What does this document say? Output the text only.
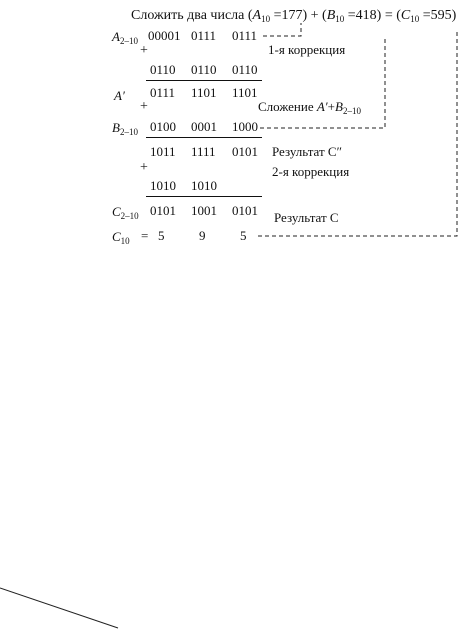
Сложить два числа $(A_{10} =177) + (B_{10} =418) = (C_{10} =595)$
$A_{2-10}$ 00001 0111 0111
+	1-я коррекция
0110 0110 0110
A′ 0111 1101 1101
+	Сложение $A'+B_{2-10}$
$B_{2-10}$ 0100 0001 1000
1011 1111 0101 Результат C″
+	2-я коррекция
1010 1010
$C_{2-10}$ 0101 1001 0101 Результат C
$C_{10} = 5$	9	5
